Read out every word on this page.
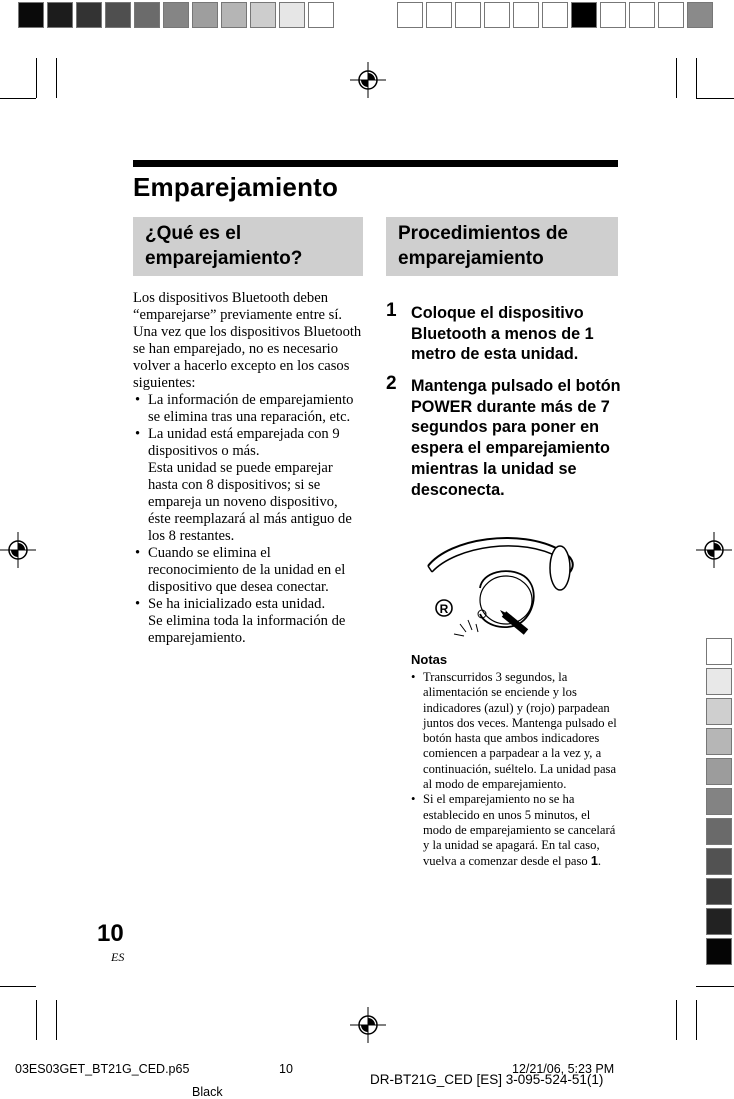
Emparejamiento
¿Qué es el emparejamiento?
Procedimientos de emparejamiento

Los dispositivos Bluetooth deben “emparejarse” previamente entre sí. Una vez que los dispositivos Bluetooth se han emparejado, no es necesario volver a hacerlo excepto en los casos siguientes:

• La información de emparejamiento se elimina tras una reparación, etc.
• La unidad está emparejada con 9 dispositivos o más.
Esta unidad se puede emparejar hasta con 8 dispositivos; si se empareja un noveno dispositivo, éste reemplazará al más antiguo de los 8 restantes.
• Cuando se elimina el reconocimiento de la unidad en el dispositivo que desea conectar.
• Se ha inicializado esta unidad.
Se elimina toda la información de emparejamiento.
1 Coloque el dispositivo Bluetooth a menos de 1 metro de esta unidad.
2 Mantenga pulsado el botón POWER durante más de 7 segundos para poner en espera el emparejamiento mientras la unidad se desconecta.
R
Notas
• Transcurridos 3 segundos, la alimentación se enciende y los indicadores (azul) y (rojo) parpadean juntos dos veces. Mantenga pulsado el botón hasta que ambos indicadores comiencen a parpadear a la vez y, a continuación, suéltelo. La unidad pasa al modo de emparejamiento.
• Si el emparejamiento no se ha establecido en unos 5 minutos, el modo de emparejamiento se cancelará y la unidad se apagará. En tal caso, vuelva a comenzar desde el paso 1.
10
ES
03ES03GET_BT21G_CED.p65	10	12/21/06, 5:23 PM
DR-BT21G_CED [ES] 3-095-524-51(1)
Black
